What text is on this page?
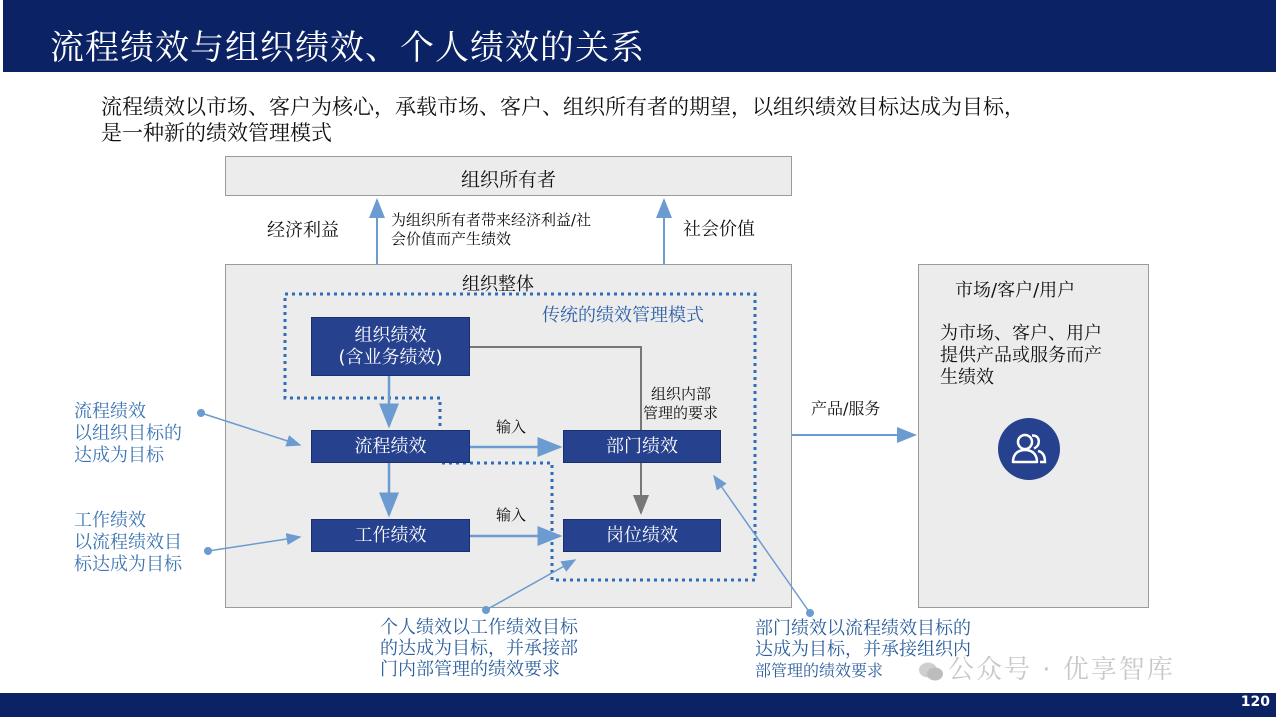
流程绩效与组织绩效、个人绩效的关系
流程绩效以市场、客户为核心，承载市场、客户、组织所有者的期望，以组织绩效目标达成为目标，
是一种新的绩效管理模式
组织所有者
经济利益	为组织所有者带来经济利益/社
会价值而产生绩效	社会价值
组织整体
传统的绩效管理模式
组织绩效
(含业务绩效)
流程绩效
工作绩效
部门绩效
岗位绩效
输入
输入
组织内部
管理的要求	产品/服务
市场/客户/用户
为市场、客户、用户
提供产品或服务而产
生绩效
流程绩效
以组织目标的
达成为目标
工作绩效
以流程绩效目
标达成为目标
个人绩效以工作绩效目标
的达成为目标，并承接部
门内部管理的绩效要求
部门绩效以流程绩效目标的
达成为目标，并承接组织内
部管理的绩效要求	公众号 · 优享智库
120
